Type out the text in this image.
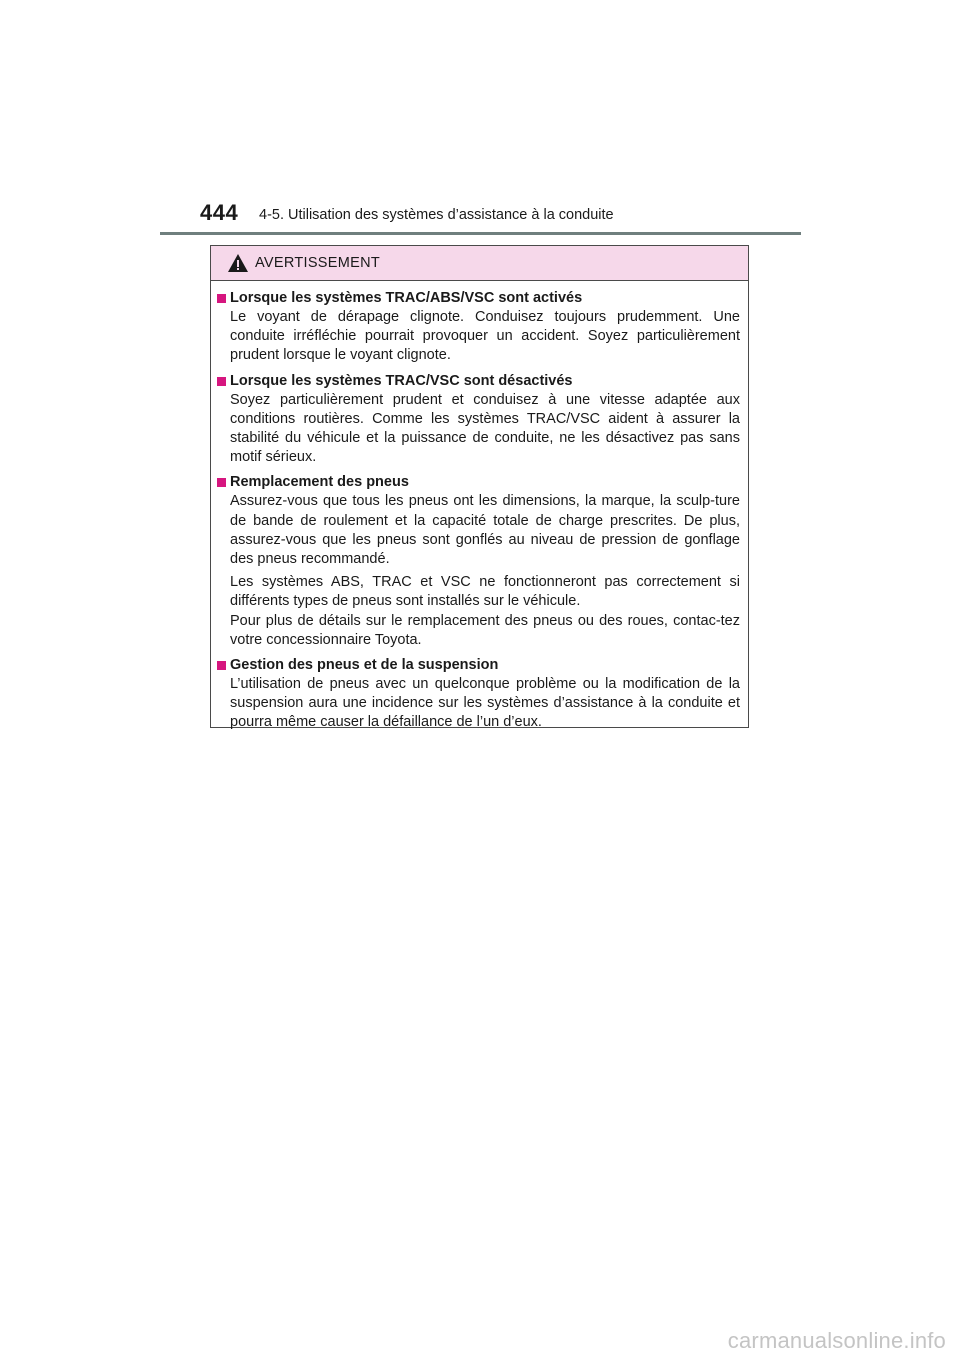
444 4-5. Utilisation des systèmes d’assistance à la conduite
AVERTISSEMENT
Lorsque les systèmes TRAC/ABS/VSC sont activés

Le voyant de dérapage clignote. Conduisez toujours prudemment. Une conduite irréfléchie pourrait provoquer un accident. Soyez particulièrement prudent lorsque le voyant clignote.

Lorsque les systèmes TRAC/VSC sont désactivés

Soyez particulièrement prudent et conduisez à une vitesse adaptée aux conditions routières. Comme les systèmes TRAC/VSC aident à assurer la stabilité du véhicule et la puissance de conduite, ne les désactivez pas sans motif sérieux.

Remplacement des pneus

Assurez-vous que tous les pneus ont les dimensions, la marque, la sculp-ture de bande de roulement et la capacité totale de charge prescrites. De plus, assurez-vous que les pneus sont gonflés au niveau de pression de gonflage des pneus recommandé.

Les systèmes ABS, TRAC et VSC ne fonctionneront pas correctement si différents types de pneus sont installés sur le véhicule.

Pour plus de détails sur le remplacement des pneus ou des roues, contac-tez votre concessionnaire Toyota.

Gestion des pneus et de la suspension

L’utilisation de pneus avec un quelconque problème ou la modification de la suspension aura une incidence sur les systèmes d’assistance à la conduite et pourra même causer la défaillance de l’un d’eux.

carmanualsonline.info
